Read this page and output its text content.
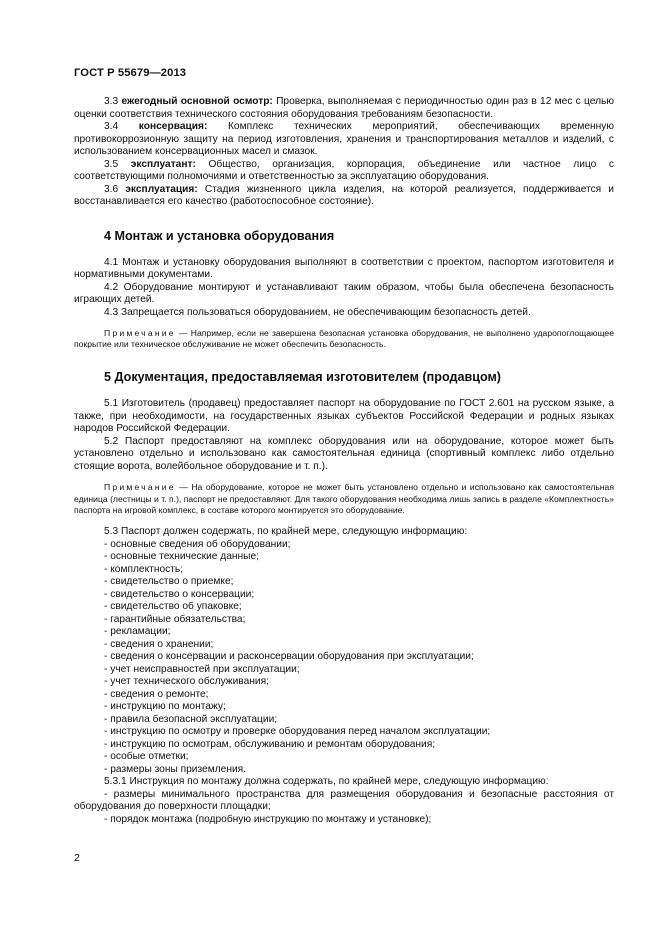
ГОСТ Р 55679—2013

3.3 ежегодный основной осмотр: Проверка, выполняемая с периодичностью один раз в 12 мес с целью оценки соответствия технического состояния оборудования требованиям безопасности.

3.4 консервация: Комплекс технических мероприятий, обеспечивающих временную противокоррозионную защиту на период изготовления, хранения и транспортирования металлов и изделий, с использованием консервационных масел и смазок.

3.5 эксплуатант: Общество, организация, корпорация, объединение или частное лицо с соответствующими полномочиями и ответственностью за эксплуатацию оборудования.

3.6 эксплуатация: Стадия жизненного цикла изделия, на которой реализуется, поддерживается и восстанавливается его качество (работоспособное состояние).

4 Монтаж и установка оборудования

4.1 Монтаж и установку оборудования выполняют в соответствии с проектом, паспортом изготовителя и нормативными документами.

4.2 Оборудование монтируют и устанавливают таким образом, чтобы была обеспечена безопасность играющих детей.

4.3 Запрещается пользоваться оборудованием, не обеспечивающим безопасность детей.

Примечание — Например, если не завершена безопасная установка оборудования, не выполнено удaропоглощающее покрытие или техническое обслуживание не может обеспечить безопасность.

5 Документация, предоставляемая изготовителем (продавцом)

5.1 Изготовитель (продавец) предоставляет паспорт на оборудование по ГОСТ 2.601 на русском языке, а также, при необходимости, на государственных языках субъектов Российской Федерации и родных языках народов Российской Федерации.

5.2 Паспорт предоставляют на комплекс оборудования или на оборудование, которое может быть установлено отдельно и использовано как самостоятельная единица (спортивный комплекс либо отдельно стоящие ворота, волейбольное оборудование и т. п.).

Примечание — На оборудование, которое не может быть установлено отдельно и использовано как самостоятельная единица (лестницы и т. п.), паспорт не предоставляют. Для такого оборудования необходима лишь запись в разделе «Комплектность» паспорта на игровой комплекс, в составе которого монтируется это оборудование.

5.3 Паспорт должен содержать, по крайней мере, следующую информацию:

- основные сведения об оборудовании;
- основные технические данные;
- комплектность;
- свидетельство о приемке;
- свидетельство о консервации;
- свидетельство об упаковке;
- гарантийные обязательства;
- рекламации;
- сведения о хранении;
- сведения о консервации и расконсервации оборудования при эксплуатации;
- учет неисправностей при эксплуатации;
- учет технического обслуживания;
- сведения о ремонте;
- инструкцию по монтажу;
- правила безопасной эксплуатации;
- инструкцию по осмотру и проверке оборудования перед началом эксплуатации;
- инструкцию по осмотрам, обслуживанию и ремонтам оборудования;
- особые отметки;
- размеры зоны приземления.

5.3.1 Инструкция по монтажу должна содержать, по крайней мере, следующую информацию:

- размеры минимального пространства для размещения оборудования и безопасные расстояния от оборудования до поверхности площадки;

- порядок монтажа (подробную инструкцию по монтажу и установке);
2
